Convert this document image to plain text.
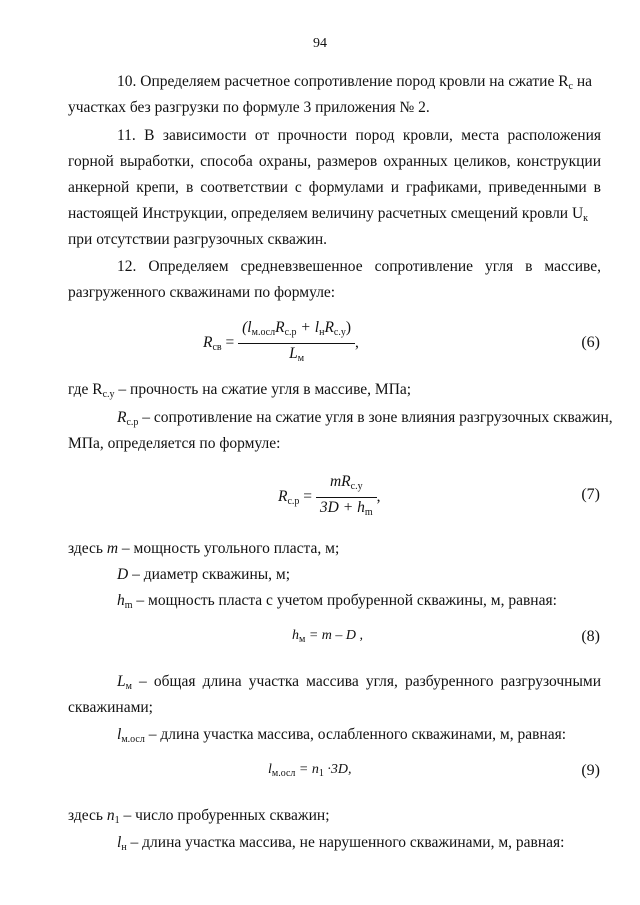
94
10. Определяем расчетное сопротивление пород кровли на сжатие $R_c$ на
участках без разгрузки по формуле 3 приложения № 2.
11. В зависимости от прочности пород кровли, места расположения
горной выработки, способа охраны, размеров охранных целиков, конструкции
анкерной крепи, в соответствии с формулами и графиками, приведенными в
настоящей Инструкции, определяем величину расчетных смещений кровли $U_к$
при отсутствии разгрузочных скважин.
12. Определяем средневзвешенное сопротивление угля в массиве,
разгруженного скважинами по формуле:
$R_{св} = \frac{(l_{м.осл}R_{с.р} + l_нR_{с.у})}{L_м}$ ,	(6)
где $R_{с.у}$ – прочность на сжатие угля в массиве, МПа;
$R_{с.р}$ – сопротивление на сжатие угля в зоне влияния разгрузочных скважин,
МПа, определяется по формуле:
$R_{с.р} = \frac{mR_{с.у}}{3D + h_m}$ ,	(7)
здесь m – мощность угольного пласта, м;
D – диаметр скважины, м;
$h_m$ – мощность пласта с учетом пробуренной скважины, м, равная:
$h_м = m - D$ ,	(8)
$L_м$ – общая длина участка массива угля, разбуренного разгрузочными
скважинами;
$l_{м.осл}$ – длина участка массива, ослабленного скважинами, м, равная:
$l_{м.осл} = n_1 \cdot 3D$,	(9)
здесь $n_1$ – число пробуренных скважин;
$l_н$ – длина участка массива, не нарушенного скважинами, м, равная:
